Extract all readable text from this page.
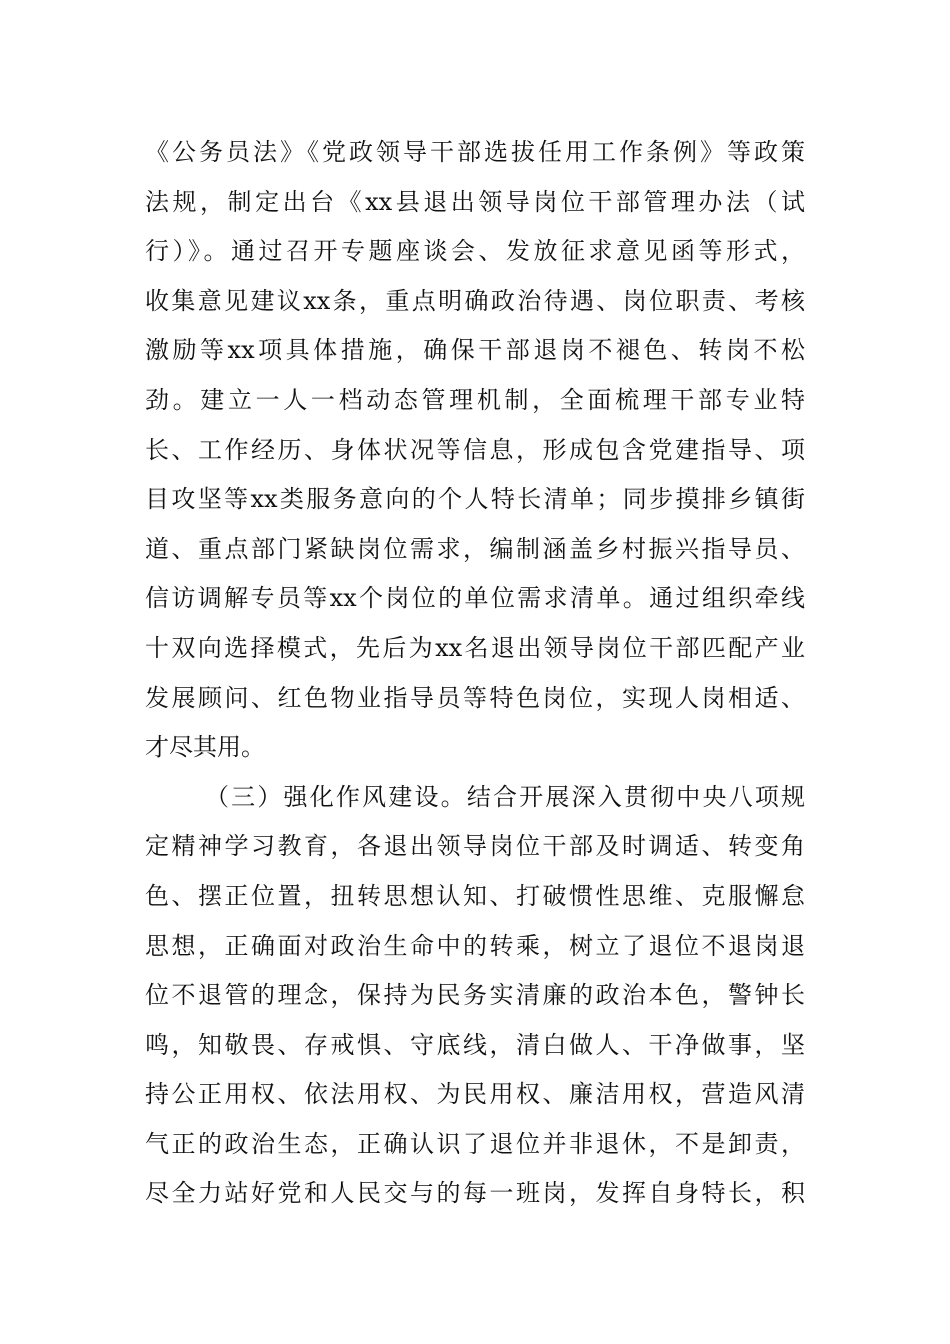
《公务员法》《党政领导干部选拔任用工作条例》等政策
法规，制定出台《xx县退出领导岗位干部管理办法（试
行）》。通过召开专题座谈会、发放征求意见函等形式，
收集意见建议xx条，重点明确政治待遇、岗位职责、考核
激励等xx项具体措施，确保干部退岗不褪色、转岗不松
劲。建立一人一档动态管理机制，全面梳理干部专业特
长、工作经历、身体状况等信息，形成包含党建指导、项
目攻坚等xx类服务意向的个人特长清单；同步摸排乡镇街
道、重点部门紧缺岗位需求，编制涵盖乡村振兴指导员、
信访调解专员等xx个岗位的单位需求清单。通过组织牵线
十双向选择模式，先后为xx名退出领导岗位干部匹配产业
发展顾问、红色物业指导员等特色岗位，实现人岗相适、
才尽其用。
（三）强化作风建设。结合开展深入贯彻中央八项规
定精神学习教育，各退出领导岗位干部及时调适、转变角
色、摆正位置，扭转思想认知、打破惯性思维、克服懈怠
思想，正确面对政治生命中的转乘，树立了退位不退岗退
位不退管的理念，保持为民务实清廉的政治本色，警钟长
鸣，知敬畏、存戒惧、守底线，清白做人、干净做事，坚
持公正用权、依法用权、为民用权、廉洁用权，营造风清
气正的政治生态，正确认识了退位并非退休，不是卸责，
尽全力站好党和人民交与的每一班岗，发挥自身特长，积
